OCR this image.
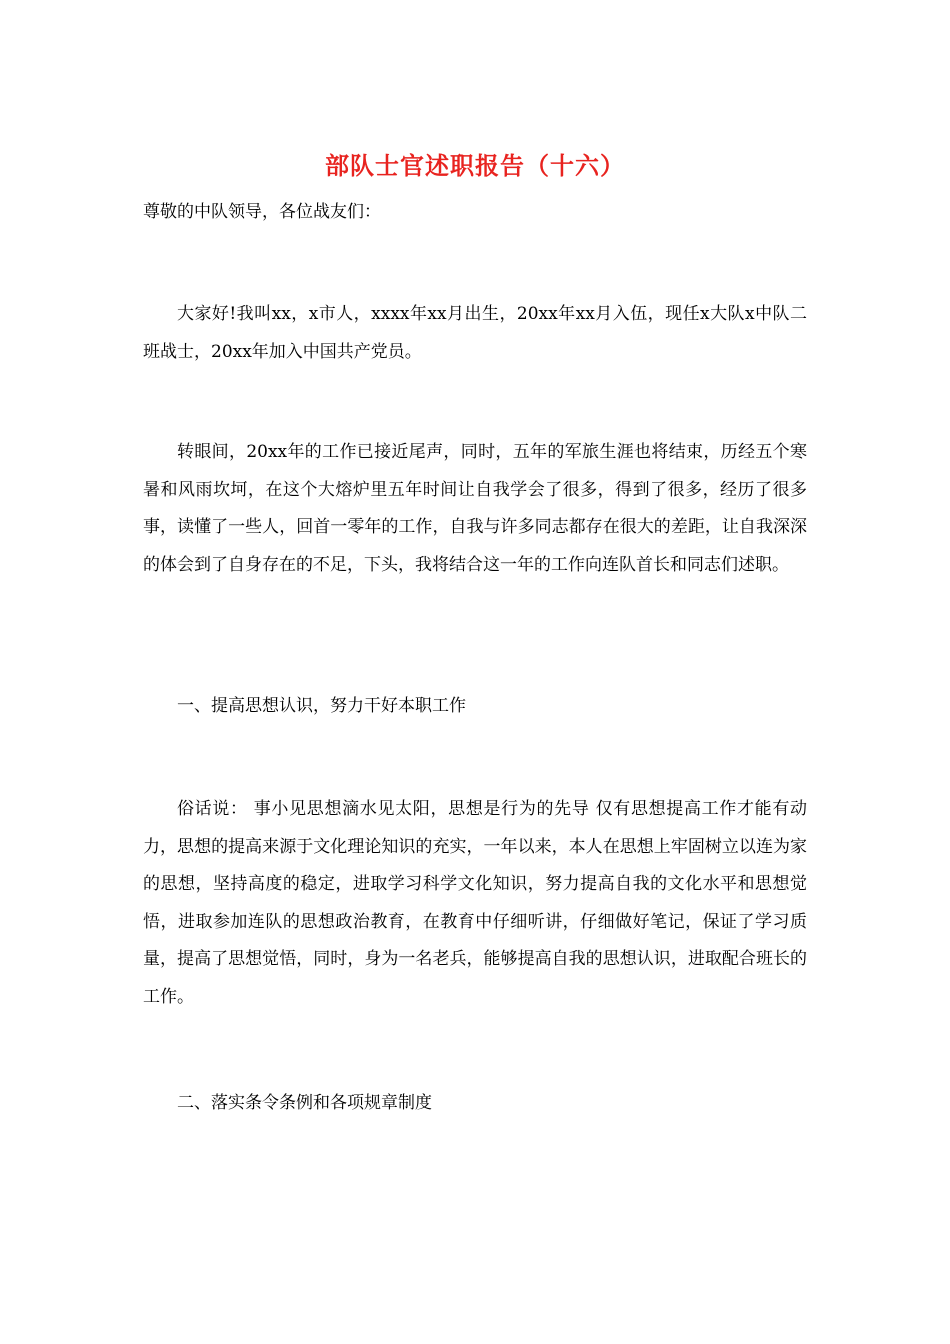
部队士官述职报告（十六）

尊敬的中队领导，各位战友们：

大家好!我叫xx，x市人，xxxx年xx月出生，20xx年xx月入伍，现任x大队x中队二班战士，20xx年加入中国共产党员。

转眼间，20xx年的工作已接近尾声，同时，五年的军旅生涯也将结束，历经五个寒暑和风雨坎坷，在这个大熔炉里五年时间让自我学会了很多，得到了很多，经历了很多事，读懂了一些人，回首一零年的工作，自我与许多同志都存在很大的差距，让自我深深的体会到了自身存在的不足，下头，我将结合这一年的工作向连队首长和同志们述职。

一、提高思想认识，努力干好本职工作

俗话说： 事小见思想滴水见太阳，思想是行为的先导 仅有思想提高工作才能有动力，思想的提高来源于文化理论知识的充实，一年以来，本人在思想上牢固树立以连为家的思想，坚持高度的稳定，进取学习科学文化知识，努力提高自我的文化水平和思想觉悟，进取参加连队的思想政治教育，在教育中仔细听讲，仔细做好笔记，保证了学习质量，提高了思想觉悟，同时，身为一名老兵，能够提高自我的思想认识，进取配合班长的工作。

二、落实条令条例和各项规章制度
